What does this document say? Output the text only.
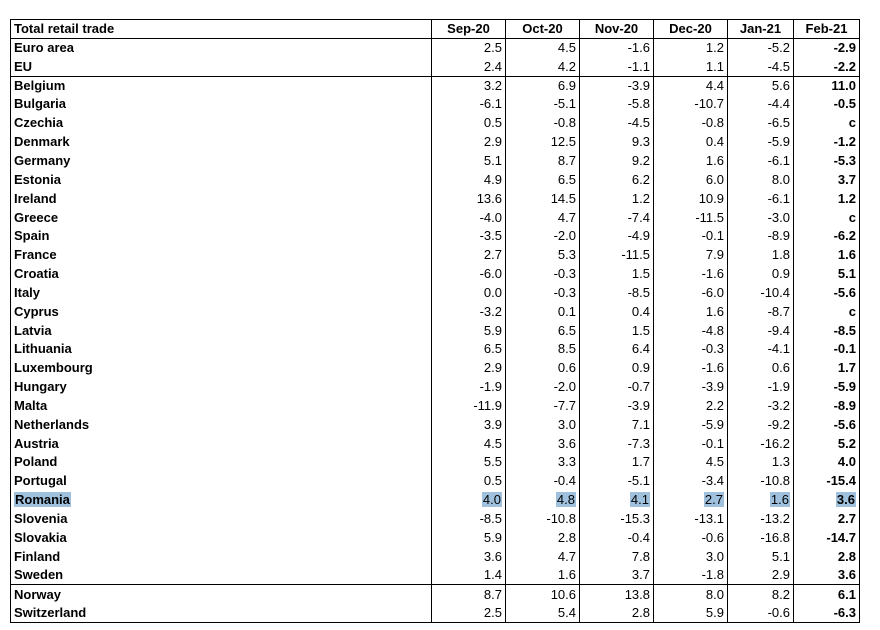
Total retail trade	Sep-20	Oct-20	Nov-20	Dec-20	Jan-21	Feb-21
Euro area	2.5	4.5	-1.6	1.2	-5.2	-2.9
EU	2.4	4.2	-1.1	1.1	-4.5	-2.2
Belgium	3.2	6.9	-3.9	4.4	5.6	11.0
Bulgaria	-6.1	-5.1	-5.8	-10.7	-4.4	-0.5
Czechia	0.5	-0.8	-4.5	-0.8	-6.5	c
Denmark	2.9	12.5	9.3	0.4	-5.9	-1.2
Germany	5.1	8.7	9.2	1.6	-6.1	-5.3
Estonia	4.9	6.5	6.2	6.0	8.0	3.7
Ireland	13.6	14.5	1.2	10.9	-6.1	1.2
Greece	-4.0	4.7	-7.4	-11.5	-3.0	c
Spain	-3.5	-2.0	-4.9	-0.1	-8.9	-6.2
France	2.7	5.3	-11.5	7.9	1.8	1.6
Croatia	-6.0	-0.3	1.5	-1.6	0.9	5.1
Italy	0.0	-0.3	-8.5	-6.0	-10.4	-5.6
Cyprus	-3.2	0.1	0.4	1.6	-8.7	c
Latvia	5.9	6.5	1.5	-4.8	-9.4	-8.5
Lithuania	6.5	8.5	6.4	-0.3	-4.1	-0.1
Luxembourg	2.9	0.6	0.9	-1.6	0.6	1.7
Hungary	-1.9	-2.0	-0.7	-3.9	-1.9	-5.9
Malta	-11.9	-7.7	-3.9	2.2	-3.2	-8.9
Netherlands	3.9	3.0	7.1	-5.9	-9.2	-5.6
Austria	4.5	3.6	-7.3	-0.1	-16.2	5.2
Poland	5.5	3.3	1.7	4.5	1.3	4.0
Portugal	0.5	-0.4	-5.1	-3.4	-10.8	-15.4
Romania	4.0	4.8	4.1	2.7	1.6	3.6
Slovenia	-8.5	-10.8	-15.3	-13.1	-13.2	2.7
Slovakia	5.9	2.8	-0.4	-0.6	-16.8	-14.7
Finland	3.6	4.7	7.8	3.0	5.1	2.8
Sweden	1.4	1.6	3.7	-1.8	2.9	3.6
Norway	8.7	10.6	13.8	8.0	8.2	6.1
Switzerland	2.5	5.4	2.8	5.9	-0.6	-6.3
